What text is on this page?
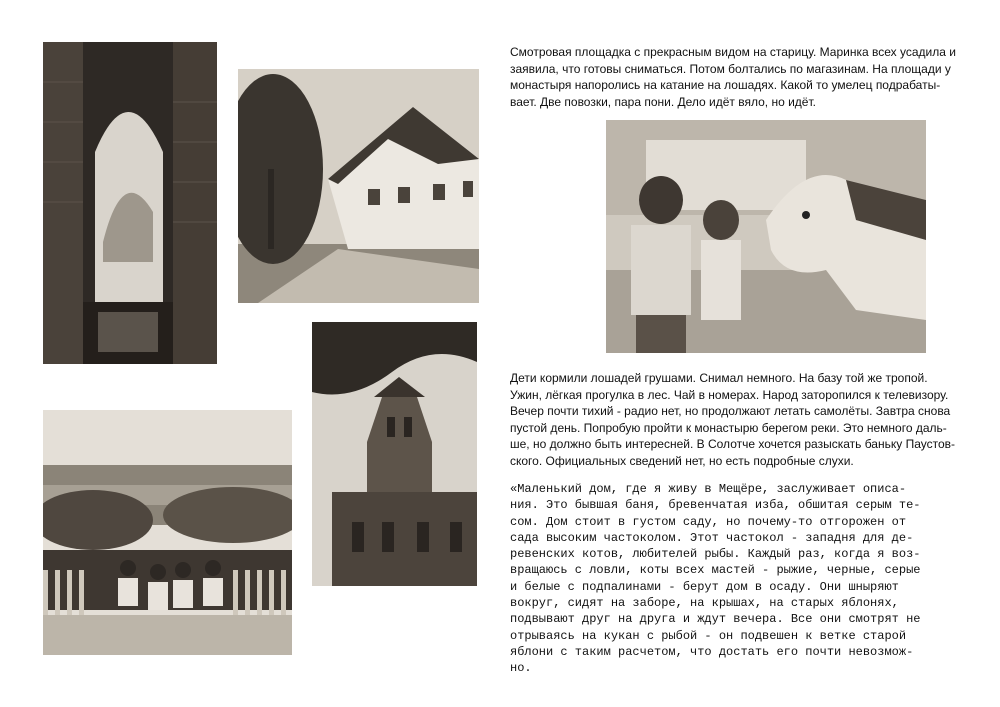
Смотровая площадка с прекрасным видом на старицу. Маринка всех усадила и
заявила, что готовы сниматься. Потом болтались по магазинам. На площади у
монастыря напоролись на катание на лошадях. Какой то умелец подрабаты-
вает. Две повозки, пара пони. Дело идёт вяло, но идёт.
Дети кормили лошадей грушами. Снимал немного. На базу той же тропой.
Ужин, лёгкая прогулка в лес. Чай в номерах. Народ заторопился к телевизору.
Вечер почти тихий - радио нет, но продолжают летать самолёты. Завтра снова
пустой день. Попробую пройти к монастырю берегом реки. Это немного даль-
ше, но должно быть интересней. В Солотче хочется разыскать баньку Паустов-
ского. Официальных сведений нет, но есть подробные слухи.
«Маленький дом, где я живу в Мещёре, заслуживает описа-
ния. Это бывшая баня, бревенчатая изба, обшитая серым те-
сом. Дом стоит в густом саду, но почему-то отгорожен от
сада высоким частоколом. Этот частокол - западня для де-
ревенских котов, любителей рыбы. Каждый раз, когда я воз-
вращаюсь с ловли, коты всех мастей - рыжие, черные, серые
и белые с подпалинами - берут дом в осаду. Они шныряют
вокруг, сидят на заборе, на крышах, на старых яблонях,
подвывают друг на друга и ждут вечера. Все они смотрят не
отрываясь на кукан с рыбой - он подвешен к ветке старой
яблони с таким расчетом, что достать его почти невозмож-
но.
